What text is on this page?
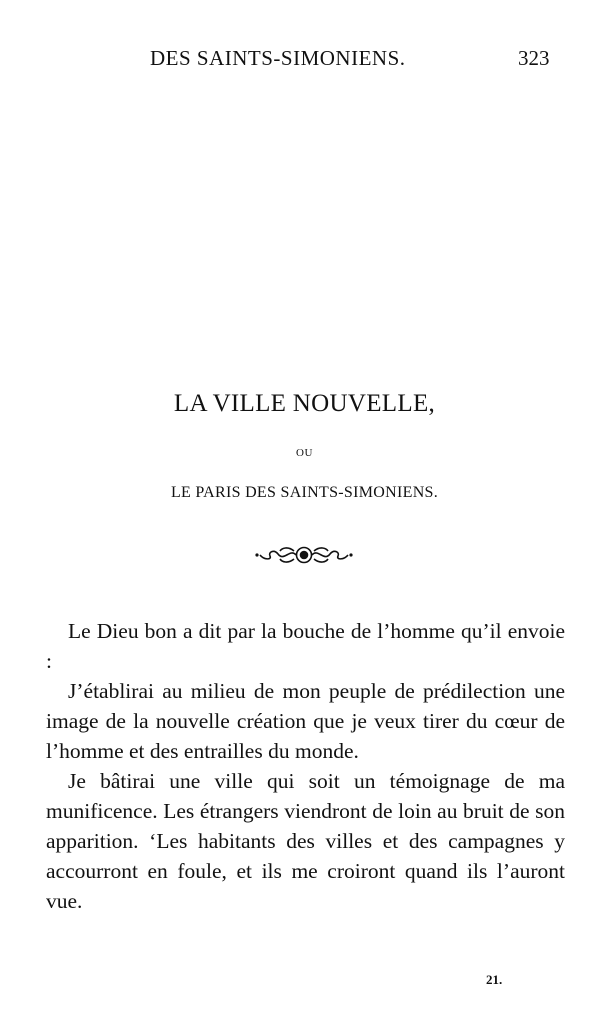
DES SAINTS-SIMONIENS.	323
LA VILLE NOUVELLE,
OU
LE PARIS DES SAINTS-SIMONIENS.

Le Dieu bon a dit par la bouche de l’homme qu’il envoie :

J’établirai au milieu de mon peuple de prédilection une image de la nouvelle création que je veux tirer du cœur de l’homme et des entrailles du monde.

Je bâtirai une ville qui soit un témoignage de ma munificence. Les étrangers viendront de loin au bruit de son apparition. ‘Les habitants des villes et des campagnes y accourront en foule, et ils me croiront quand ils l’auront vue.

21.
